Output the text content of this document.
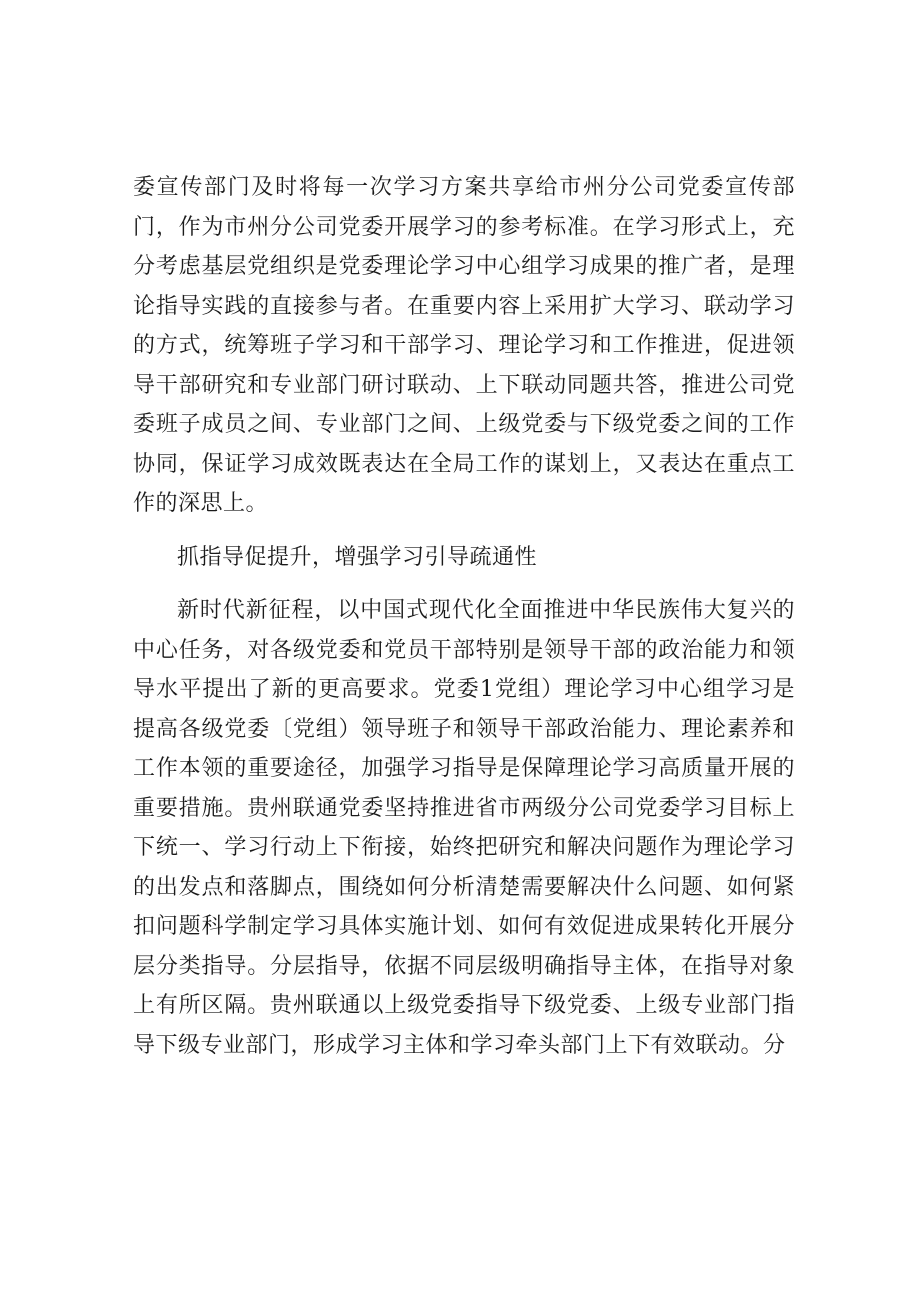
委宣传部门及时将每一次学习方案共享给市州分公司党委宣传部门，作为市州分公司党委开展学习的参考标准。在学习形式上，充分考虑基层党组织是党委理论学习中心组学习成果的推广者，是理论指导实践的直接参与者。在重要内容上采用扩大学习、联动学习的方式，统筹班子学习和干部学习、理论学习和工作推进，促进领导干部研究和专业部门研讨联动、上下联动同题共答，推进公司党委班子成员之间、专业部门之间、上级党委与下级党委之间的工作协同，保证学习成效既表达在全局工作的谋划上，又表达在重点工作的深思上。

抓指导促提升，增强学习引导疏通性

新时代新征程，以中国式现代化全面推进中华民族伟大复兴的中心任务，对各级党委和党员干部特别是领导干部的政治能力和领导水平提出了新的更高要求。党委1党组）理论学习中心组学习是提高各级党委〔党组）领导班子和领导干部政治能力、理论素养和工作本领的重要途径，加强学习指导是保障理论学习高质量开展的重要措施。贵州联通党委坚持推进省市两级分公司党委学习目标上下统一、学习行动上下衔接，始终把研究和解决问题作为理论学习的出发点和落脚点，围绕如何分析清楚需要解决什么问题、如何紧扣问题科学制定学习具体实施计划、如何有效促进成果转化开展分层分类指导。分层指导，依据不同层级明确指导主体，在指导对象上有所区隔。贵州联通以上级党委指导下级党委、上级专业部门指导下级专业部门，形成学习主体和学习牵头部门上下有效联动。分
